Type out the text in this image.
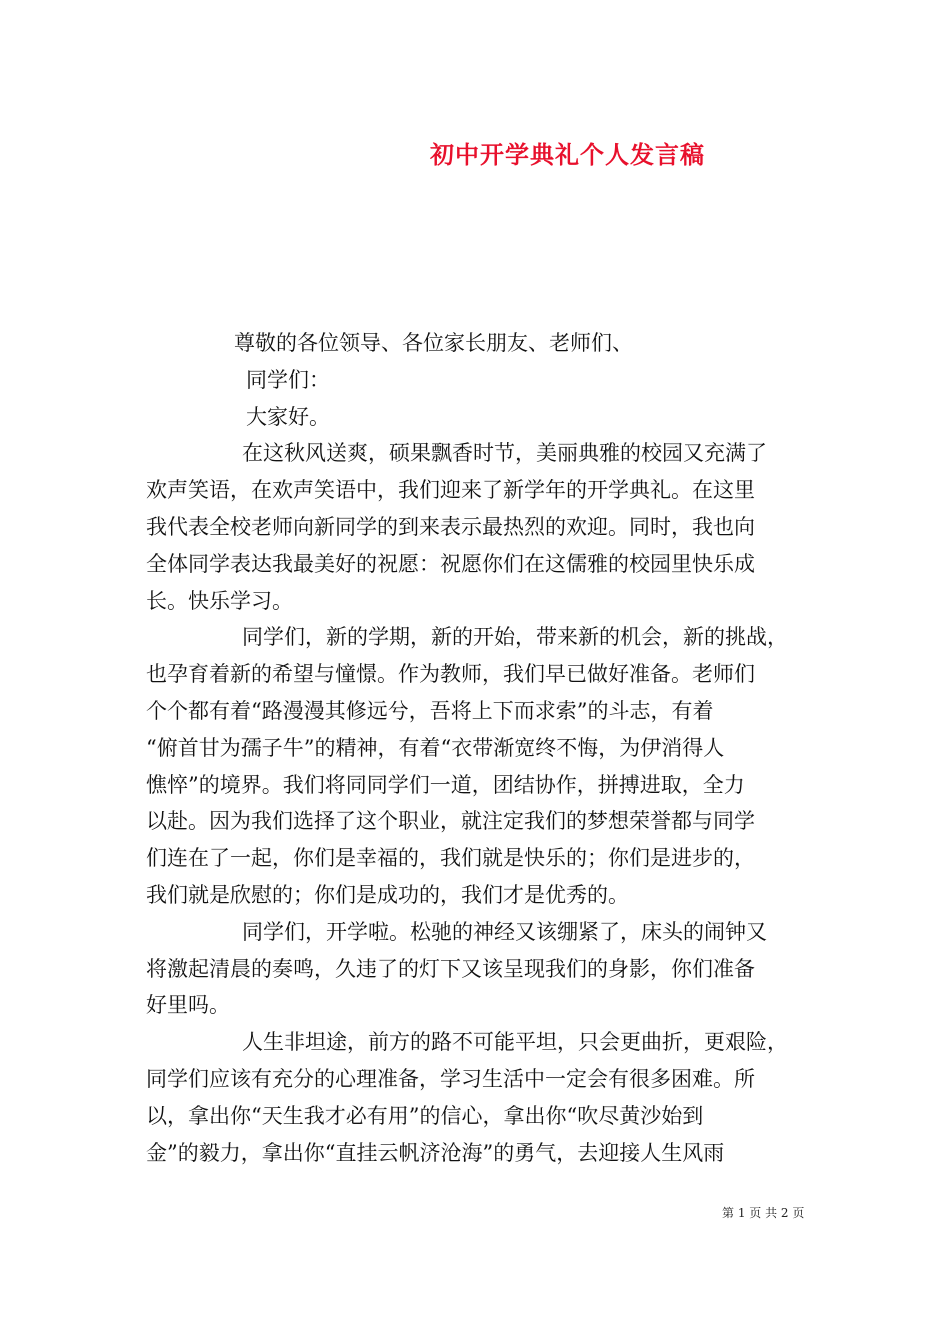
初中开学典礼个人发言稿
尊敬的各位领导、各位家长朋友、老师们、
同学们：
大家好。
在这秋风送爽，硕果飘香时节，美丽典雅的校园又充满了
欢声笑语，在欢声笑语中，我们迎来了新学年的开学典礼。在这里
我代表全校老师向新同学的到来表示最热烈的欢迎。同时，我也向
全体同学表达我最美好的祝愿：祝愿你们在这儒雅的校园里快乐成
长。快乐学习。
同学们，新的学期，新的开始，带来新的机会，新的挑战，
也孕育着新的希望与憧憬。作为教师，我们早已做好准备。老师们
个个都有着“路漫漫其修远兮，吾将上下而求索”的斗志，有着
“俯首甘为孺子牛”的精神，有着“衣带渐宽终不悔，为伊消得人
憔悴”的境界。我们将同同学们一道，团结协作，拼搏进取，全力
以赴。因为我们选择了这个职业，就注定我们的梦想荣誉都与同学
们连在了一起，你们是幸福的，我们就是快乐的；你们是进步的，
我们就是欣慰的；你们是成功的，我们才是优秀的。
同学们，开学啦。松驰的神经又该绷紧了，床头的闹钟又
将激起清晨的奏鸣，久违了的灯下又该呈现我们的身影，你们准备
好里吗。
人生非坦途，前方的路不可能平坦，只会更曲折，更艰险，
同学们应该有充分的心理准备，学习生活中一定会有很多困难。所
以，拿出你“天生我才必有用”的信心，拿出你“吹尽黄沙始到
金”的毅力，拿出你“直挂云帆济沧海”的勇气，去迎接人生风雨
第 1 页 共 2 页
